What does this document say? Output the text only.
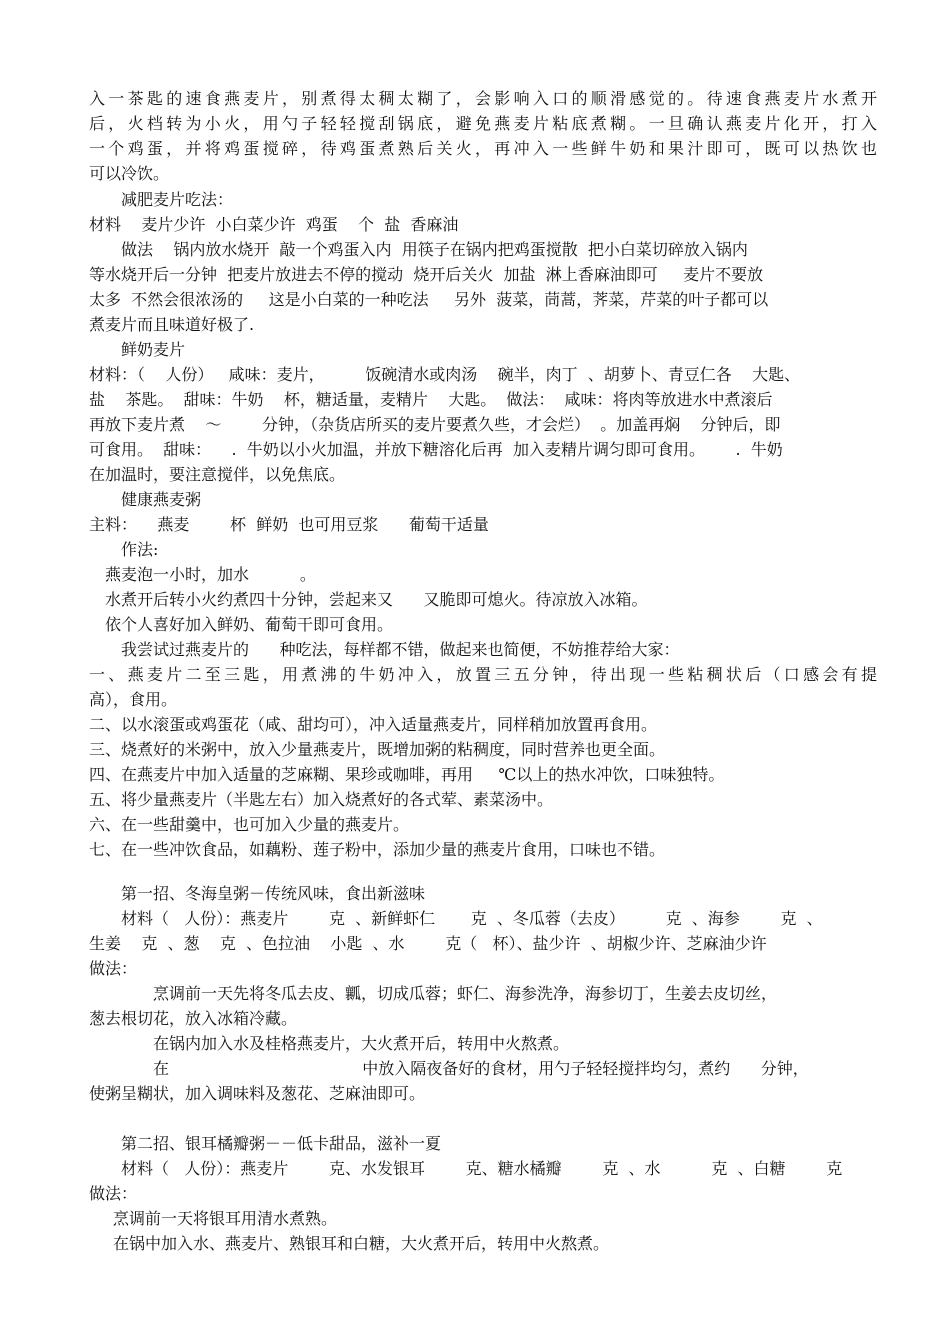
入一茶匙的速食燕麦片，别煮得太稠太糊了，会影响入口的顺滑感觉的。待速食燕麦片水煮开
后，火档转为小火，用勺子轻轻搅刮锅底，避免燕麦片粘底煮糊。一旦确认燕麦片化开，打入
一个鸡蛋，并将鸡蛋搅碎，待鸡蛋煮熟后关火，再冲入一些鲜牛奶和果汁即可，既可以热饮也
可以冷饮。
减肥麦片吃法：
材料    麦片少许  小白菜少许  鸡蛋    个  盐  香麻油
做法    锅内放水烧开  敲一个鸡蛋入内  用筷子在锅内把鸡蛋搅散  把小白菜切碎放入锅内
等水烧开后一分钟  把麦片放进去不停的搅动  烧开后关火  加盐  淋上香麻油即可     麦片不要放
太多  不然会很浓汤的     这是小白菜的一种吃法     另外  菠菜，茼蒿，荠菜，芹菜的叶子都可以
煮麦片而且味道好极了.
鲜奶麦片
材料：（    人份）   咸味：麦片，        饭碗清水或肉汤    碗半，肉丁  、胡萝卜、青豆仁各    大匙、
盐    茶匙。  甜味：牛奶    杯，糖适量，麦精片    大匙。  做法：  咸味：将肉等放进水中煮滚后
再放下麦片煮    ～        分钟，（杂货店所买的麦片要煮久些，才会烂）  。加盖再焖    分钟后，即
可食用。  甜味：    .  牛奶以小火加温，并放下糖溶化后再  加入麦精片调匀即可食用。      .  牛奶
在加温时，要注意搅伴，以免焦底。
健康燕麦粥
主料：    燕麦        杯  鲜奶  也可用豆浆      葡萄干适量
作法:
燕麦泡一小时，加水          。
水煮开后转小火约煮四十分钟，尝起来又      又脆即可熄火。待凉放入冰箱。
依个人喜好加入鲜奶、葡萄干即可食用。
我尝试过燕麦片的      种吃法，每样都不错，做起来也简便，不妨推荐给大家：
一、燕麦片二至三匙，用煮沸的牛奶冲入，放置三五分钟，待出现一些粘稠状后（口感会有提
高），食用。
二、以水滚蛋或鸡蛋花（咸、甜均可），冲入适量燕麦片，同样稍加放置再食用。
三、烧煮好的米粥中，放入少量燕麦片，既增加粥的粘稠度，同时营养也更全面。
四、在燕麦片中加入适量的芝麻糊、果珍或咖啡，再用     ℃以上的热水冲饮，口味独特。
五、将少量燕麦片（半匙左右）加入烧煮好的各式荤、素菜汤中。
六、在一些甜羹中，也可加入少量的燕麦片。
七、在一些冲饮食品，如藕粉、莲子粉中，添加少量的燕麦片食用，口味也不错。
第一招、冬海皇粥－传统风味，食出新滋味
材料（   人份）：燕麦片        克  、新鲜虾仁       克  、冬瓜蓉（去皮）        克  、海参        克  、
生姜    克  、葱    克  、色拉油    小匙  、水        克（   杯）、盐少许  、胡椒少许、芝麻油少许
做法：
烹调前一天先将冬瓜去皮、瓤，切成瓜蓉；虾仁、海参洗净，海参切丁，生姜去皮切丝，
葱去根切花，放入冰箱冷藏。
在锅内加入水及桂格燕麦片，大火煮开后，转用中火熬煮。
在                                      中放入隔夜备好的食材，用勺子轻轻搅拌均匀，煮约      分钟，
使粥呈糊状，加入调味料及葱花、芝麻油即可。
第二招、银耳橘瓣粥－－低卡甜品，滋补一夏
材料（   人份）：燕麦片        克、水发银耳        克、糖水橘瓣        克  、水          克  、白糖        克
做法：
烹调前一天将银耳用清水煮熟。
在锅中加入水、燕麦片、熟银耳和白糖，大火煮开后，转用中火熬煮。
